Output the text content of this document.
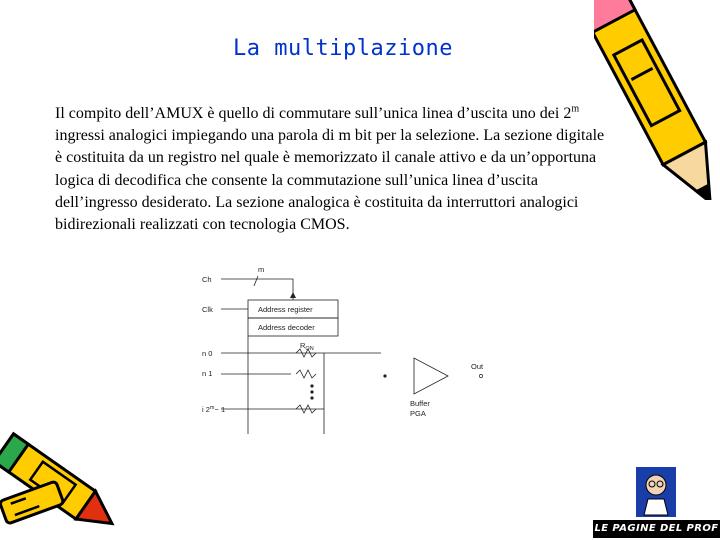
La multiplazione
Il compito dell’AMUX è quello di commutare sull’unica linea d’uscita uno dei 2$^m$ ingressi analogici impiegando una parola di m bit per la selezione. La sezione digitale è costituita da un registro nel quale è memorizzato il canale attivo e da un’opportuna logica di decodifica che consente la commutazione sull’unica linea d’uscita dell’ingresso desiderato. La sezione analogica è costituita da interruttori analogici bidirezionali realizzati con tecnologia CMOS.
m
Ch
Clk	Address register
Address decoder
n 0
n 1
i $2^m- 1$
$R_{ON}$
Out
Buffer
PGA
LE PAGINE DEL PROF
